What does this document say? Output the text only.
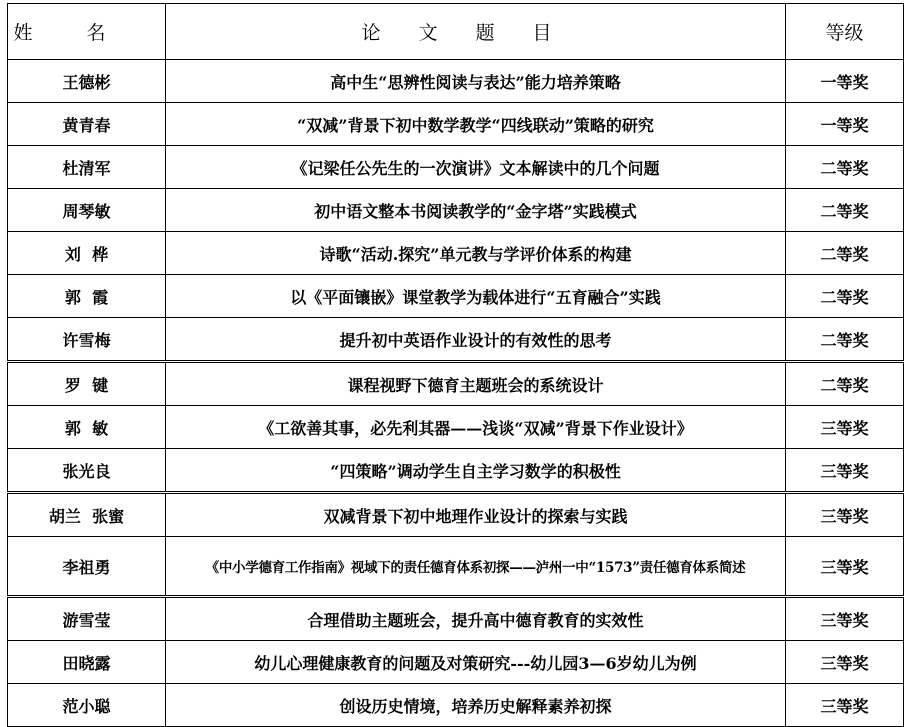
姓名	论文题目	等级
王德彬	高中生“思辨性阅读与表达”能力培养策略	一等奖
黄青春	“双减”背景下初中数学教学“四线联动”策略的研究	一等奖
杜清军	《记梁任公先生的一次演讲》文本解读中的几个问题	二等奖
周琴敏	初中语文整本书阅读教学的“金字塔”实践模式	二等奖
刘  桦	诗歌“活动.探究”单元教与学评价体系的构建	二等奖
郭  霞	以《平面镶嵌》课堂教学为载体进行“五育融合”实践	二等奖
许雪梅	提升初中英语作业设计的有效性的思考	二等奖
罗  键	课程视野下德育主题班会的系统设计	二等奖
郭  敏	《工欲善其事，必先利其器——浅谈“双减”背景下作业设计》	三等奖
张光良	“四策略”调动学生自主学习数学的积极性	三等奖
胡兰  张蜜	双减背景下初中地理作业设计的探索与实践	三等奖
李祖勇	《中小学德育工作指南》视域下的责任德育体系初探——泸州一中“1573”责任德育体系简述	三等奖
游雪莹	合理借助主题班会，提升高中德育教育的实效性	三等奖
田晓露	幼儿心理健康教育的问题及对策研究---幼儿园3—6岁幼儿为例	三等奖
范小聪	创设历史情境，培养历史解释素养初探	三等奖
